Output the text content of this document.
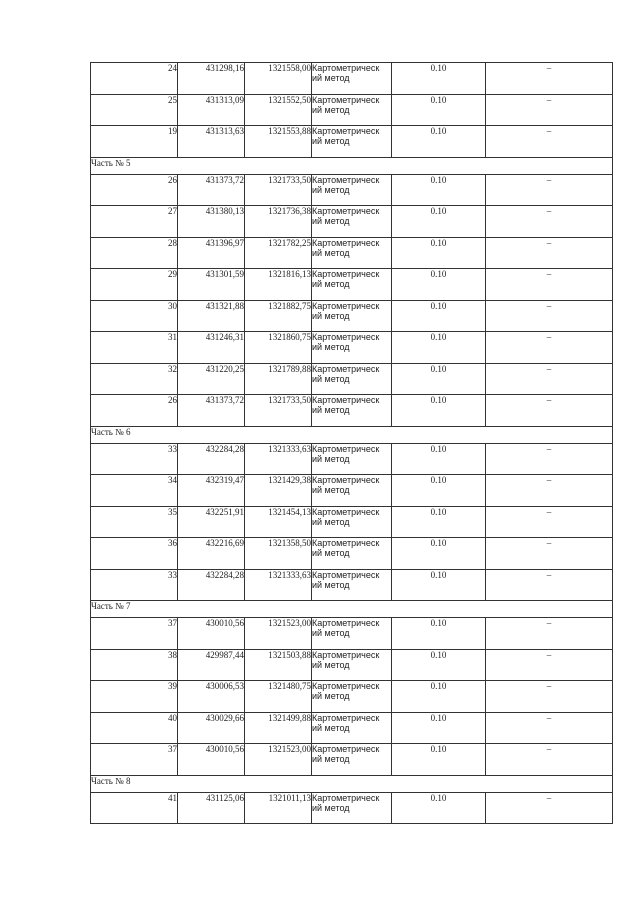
24	431298,16	1321558,00	Картометрическ ий метод	0.10	–
25	431313,09	1321552,50	Картометрическ ий метод	0.10	–
19	431313,63	1321553,88	Картометрическ ий метод	0.10	–
Часть № 5					
26	431373,72	1321733,50	Картометрическ ий метод	0.10	–
27	431380,13	1321736,38	Картометрическ ий метод	0.10	–
28	431396,97	1321782,25	Картометрическ ий метод	0.10	–
29	431301,59	1321816,13	Картометрическ ий метод	0.10	–
30	431321,88	1321882,75	Картометрическ ий метод	0.10	–
31	431246,31	1321860,75	Картометрическ ий метод	0.10	–
32	431220,25	1321789,88	Картометрическ ий метод	0.10	–
26	431373,72	1321733,50	Картометрическ ий метод	0.10	–
Часть № 6					
33	432284,28	1321333,63	Картометрическ ий метод	0.10	–
34	432319,47	1321429,38	Картометрическ ий метод	0.10	–
35	432251,91	1321454,13	Картометрическ ий метод	0.10	–
36	432216,69	1321358,50	Картометрическ ий метод	0.10	–
33	432284,28	1321333,63	Картометрическ ий метод	0.10	–
Часть № 7					
37	430010,56	1321523,00	Картометрическ ий метод	0.10	–
38	429987,44	1321503,88	Картометрическ ий метод	0.10	–
39	430006,53	1321480,75	Картометрическ ий метод	0.10	–
40	430029,66	1321499,88	Картометрическ ий метод	0.10	–
37	430010,56	1321523,00	Картометрическ ий метод	0.10	–
Часть № 8					
41	431125,06	1321011,13	Картометрическ ий метод	0.10	–
